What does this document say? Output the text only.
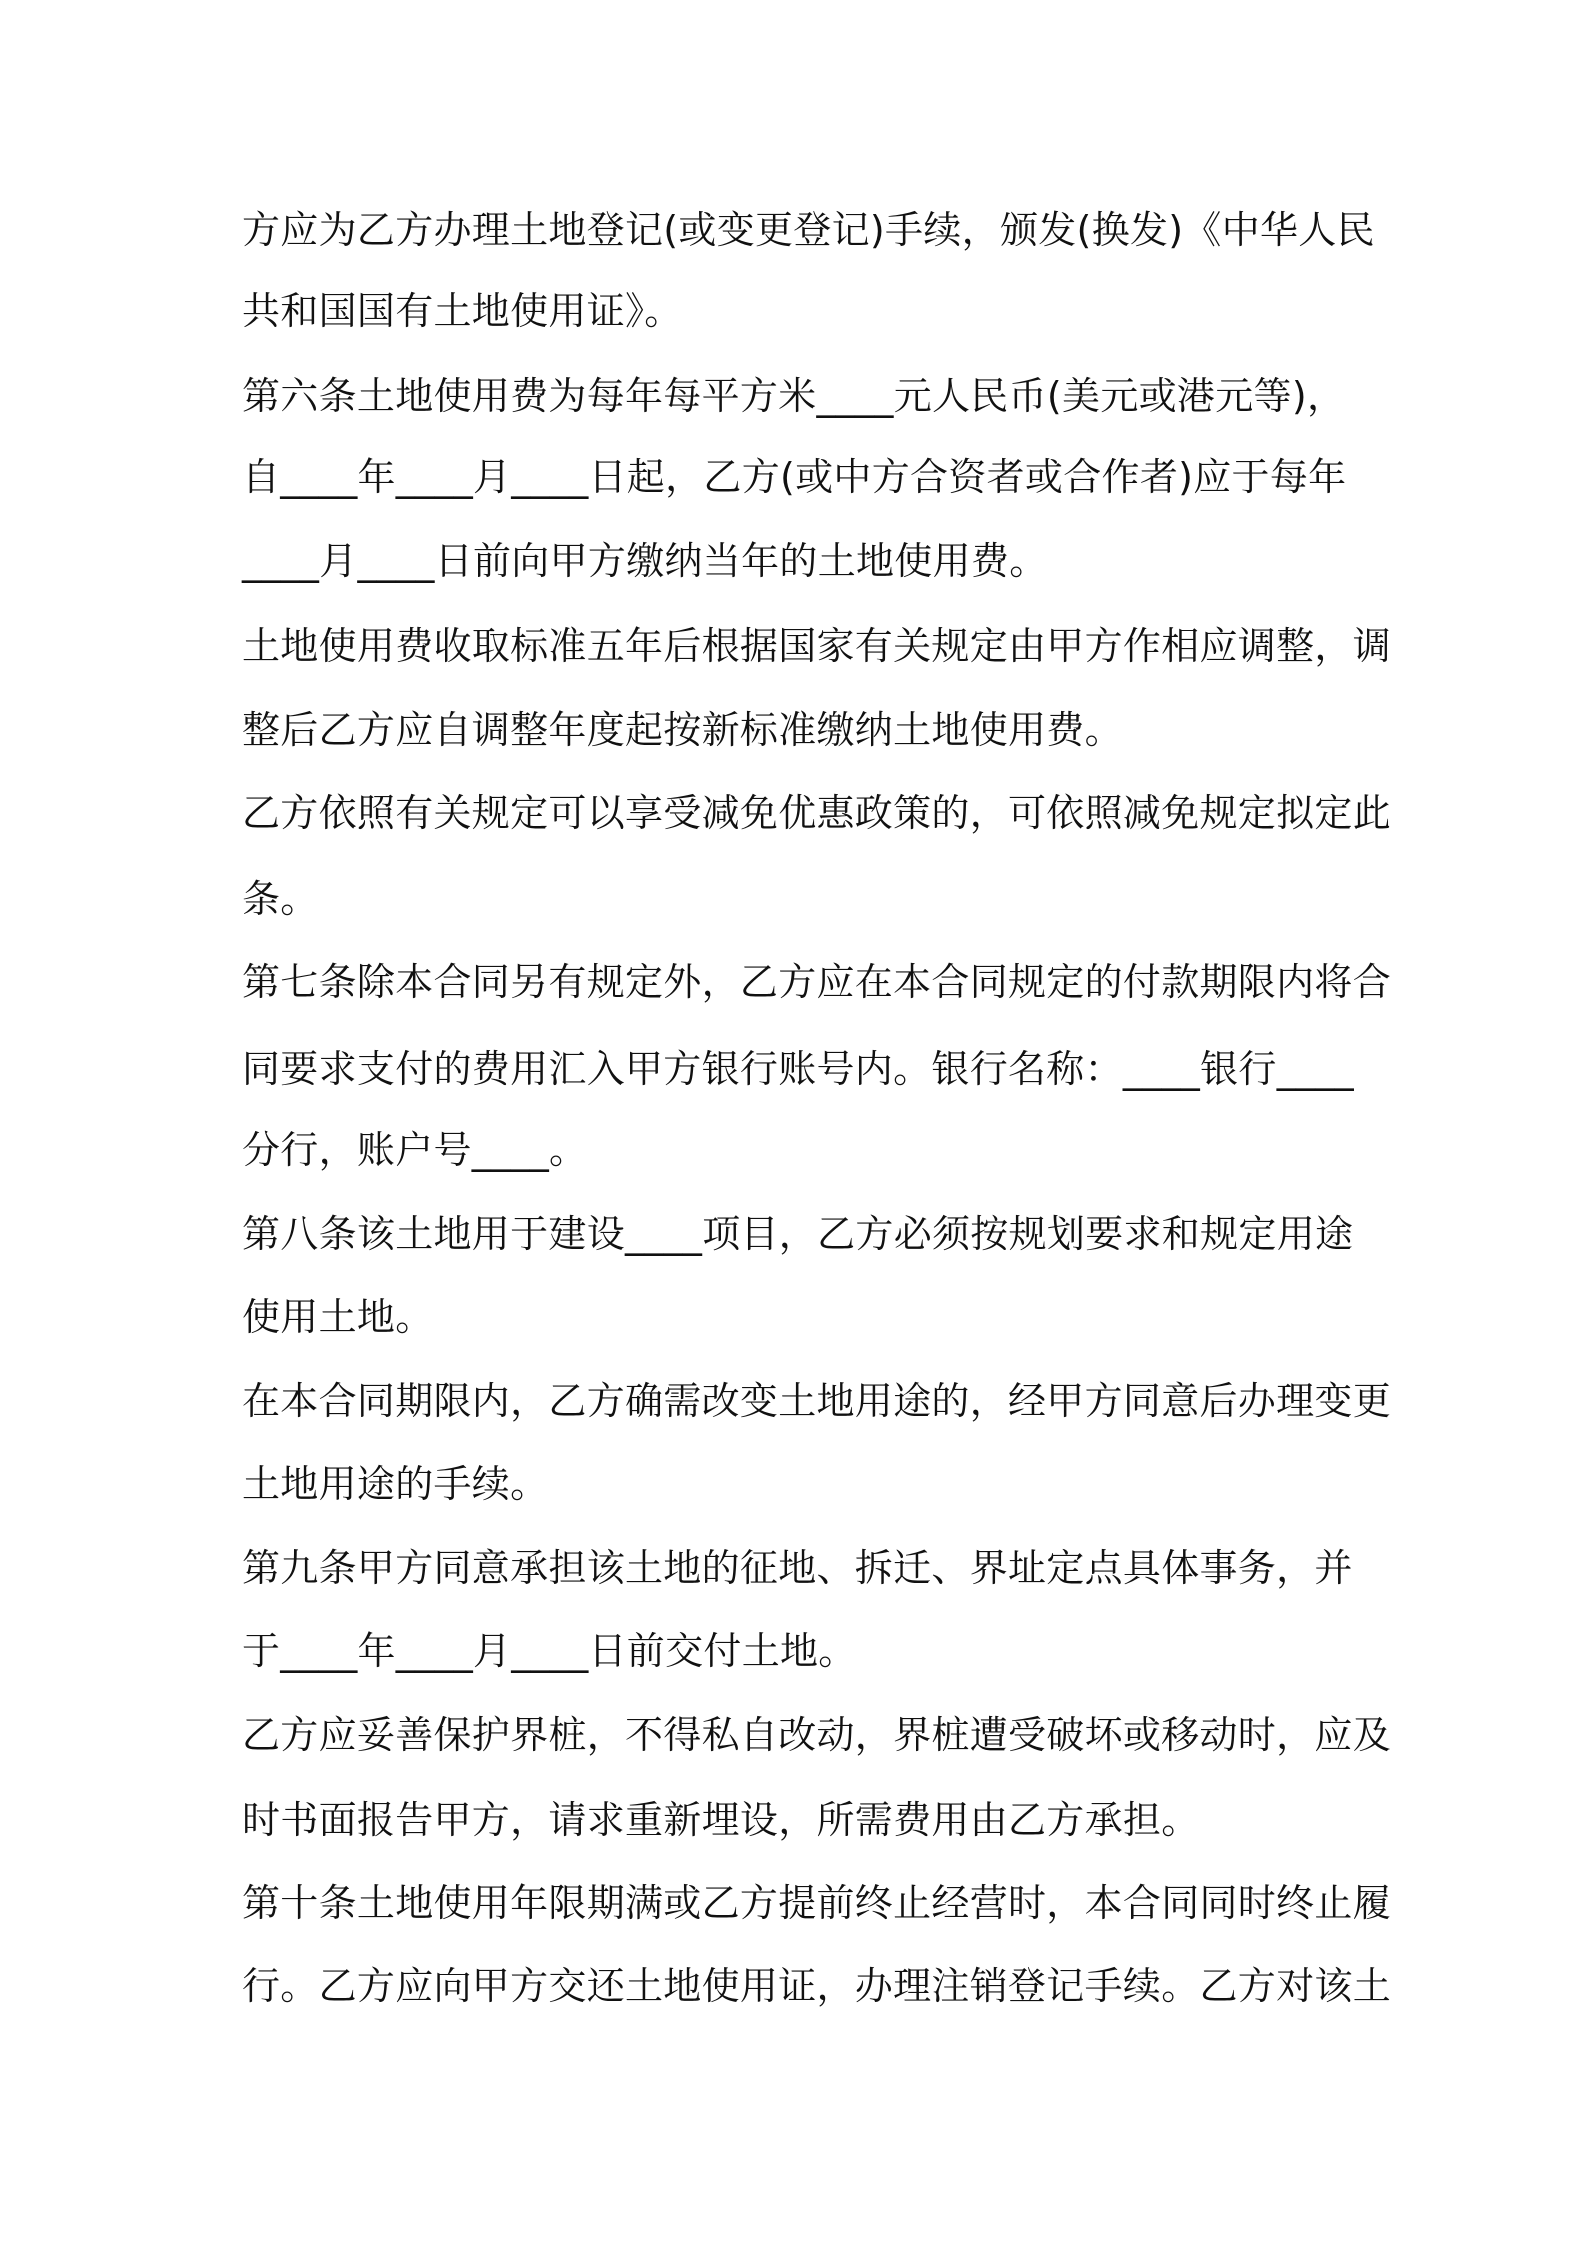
方应为乙方办理土地登记(或变更登记)手续，颁发(换发)《中华人民

共和国国有土地使用证》。

第六条土地使用费为每年每平方米____元人民币(美元或港元等)，

自____年____月____日起，乙方(或中方合资者或合作者)应于每年

____月____日前向甲方缴纳当年的土地使用费。

土地使用费收取标准五年后根据国家有关规定由甲方作相应调整，调

整后乙方应自调整年度起按新标准缴纳土地使用费。

乙方依照有关规定可以享受减免优惠政策的，可依照减免规定拟定此

条。

第七条除本合同另有规定外，乙方应在本合同规定的付款期限内将合

同要求支付的费用汇入甲方银行账号内。银行名称：____银行____

分行，账户号____。

第八条该土地用于建设____项目，乙方必须按规划要求和规定用途

使用土地。

在本合同期限内，乙方确需改变土地用途的，经甲方同意后办理变更

土地用途的手续。

第九条甲方同意承担该土地的征地、拆迁、界址定点具体事务，并

于____年____月____日前交付土地。

乙方应妥善保护界桩，不得私自改动，界桩遭受破坏或移动时，应及

时书面报告甲方，请求重新埋设，所需费用由乙方承担。

第十条土地使用年限期满或乙方提前终止经营时，本合同同时终止履

行。乙方应向甲方交还土地使用证，办理注销登记手续。乙方对该土
